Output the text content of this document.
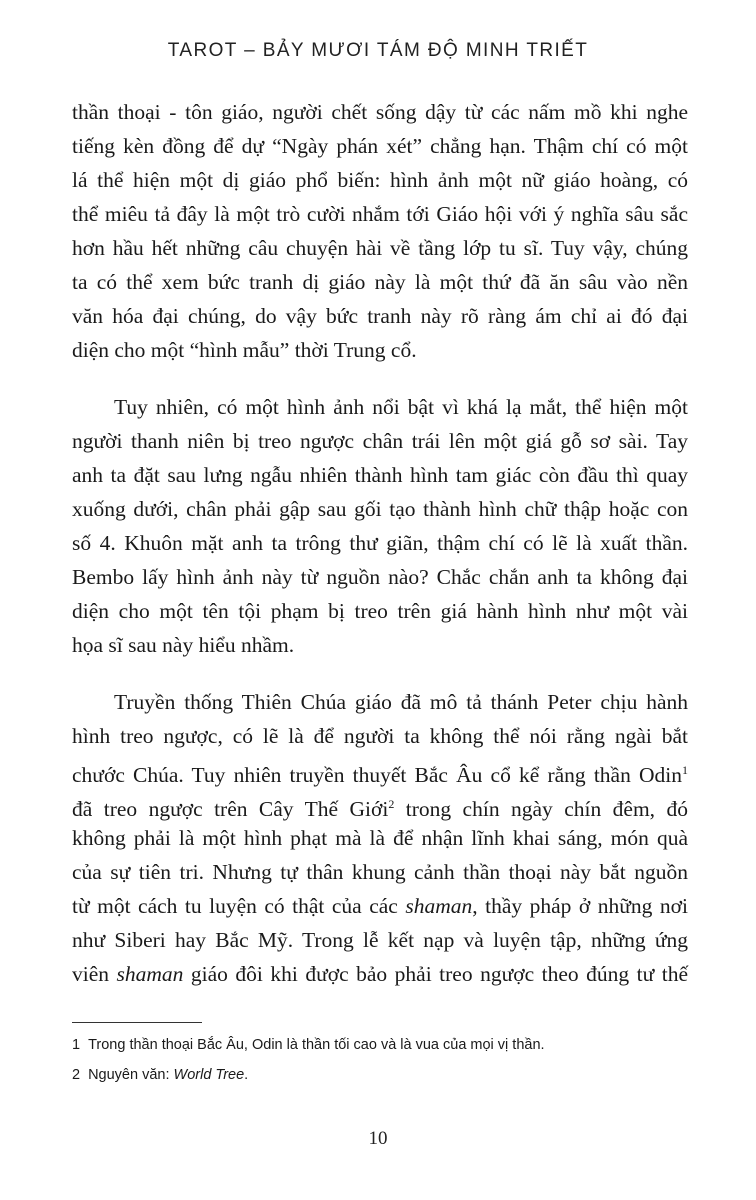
TAROT – BẢY MƯƠI TÁM ĐỘ MINH TRIẾT

thần thoại - tôn giáo, người chết sống dậy từ các nấm mồ khi nghe
tiếng kèn đồng để dự “Ngày phán xét” chẳng hạn. Thậm chí có một
lá thể hiện một dị giáo phổ biến: hình ảnh một nữ giáo hoàng, có
thể miêu tả đây là một trò cười nhắm tới Giáo hội với ý nghĩa sâu sắc
hơn hầu hết những câu chuyện hài về tầng lớp tu sĩ. Tuy vậy, chúng
ta có thể xem bức tranh dị giáo này là một thứ đã ăn sâu vào nền
văn hóa đại chúng, do vậy bức tranh này rõ ràng ám chỉ ai đó đại
diện cho một “hình mẫu” thời Trung cổ.

Tuy nhiên, có một hình ảnh nổi bật vì khá lạ mắt, thể hiện một
người thanh niên bị treo ngược chân trái lên một giá gỗ sơ sài. Tay
anh ta đặt sau lưng ngẫu nhiên thành hình tam giác còn đầu thì quay
xuống dưới, chân phải gập sau gối tạo thành hình chữ thập hoặc con
số 4. Khuôn mặt anh ta trông thư giãn, thậm chí có lẽ là xuất thần.
Bembo lấy hình ảnh này từ nguồn nào? Chắc chắn anh ta không đại
diện cho một tên tội phạm bị treo trên giá hành hình như một vài
họa sĩ sau này hiểu nhầm.

Truyền thống Thiên Chúa giáo đã mô tả thánh Peter chịu hành
hình treo ngược, có lẽ là để người ta không thể nói rằng ngài bắt
chước Chúa. Tuy nhiên truyền thuyết Bắc Âu cổ kể rằng thần Odin$^1$
đã treo ngược trên Cây Thế Giới$^2$ trong chín ngày chín đêm, đó
không phải là một hình phạt mà là để nhận lĩnh khai sáng, món quà
của sự tiên tri. Nhưng tự thân khung cảnh thần thoại này bắt nguồn
từ một cách tu luyện có thật của các shaman, thầy pháp ở những nơi
như Siberi hay Bắc Mỹ. Trong lễ kết nạp và luyện tập, những ứng
viên shaman giáo đôi khi được bảo phải treo ngược theo đúng tư thế

1 Trong thần thoại Bắc Âu, Odin là thần tối cao và là vua của mọi vị thần.
2 Nguyên văn: World Tree.
10
